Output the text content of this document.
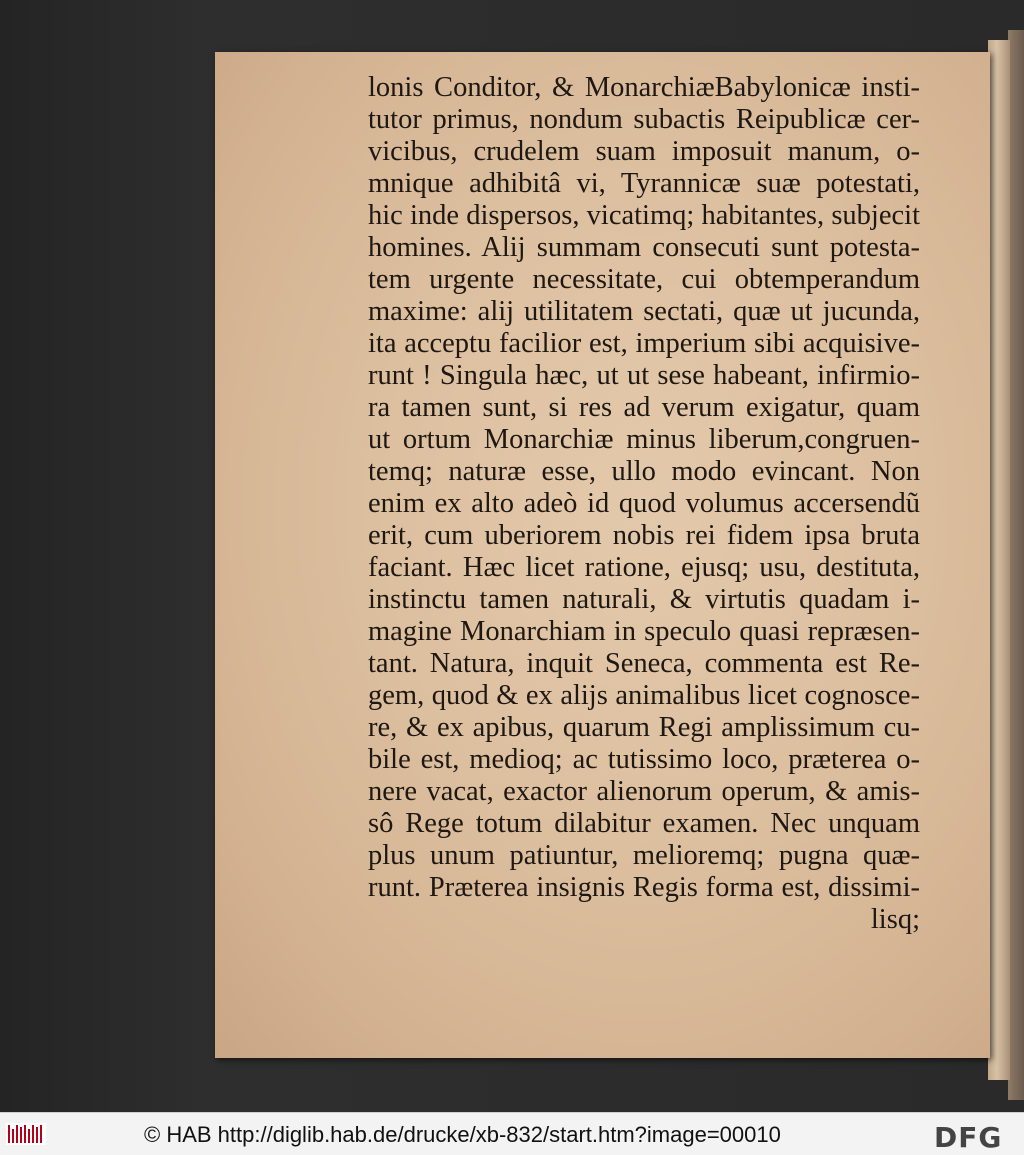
lonis Conditor, & MonarchiæBabylonicæ insti-
tutor primus, nondum subactis Reipublicæ cer-
vicibus, crudelem suam imposuit manum, o-
mnique adhibitâ vi, Tyrannicæ suæ potestati,
hic inde dispersos, vicatimq; habitantes, subjecit
homines. Alij summam consecuti sunt potesta-
tem urgente necessitate, cui obtemperandum
maxime: alij utilitatem sectati, quæ ut jucunda,
ita acceptu facilior est, imperium sibi acquisive-
runt ! Singula hæc, ut ut sese habeant, infirmio-
ra tamen sunt, si res ad verum exigatur, quam
ut ortum Monarchiæ minus liberum,congruen-
temq; naturæ esse, ullo modo evincant. Non
enim ex alto adeò id quod volumus accersendũ
erit, cum uberiorem nobis rei fidem ipsa bruta
faciant. Hæc licet ratione, ejusq; usu, destituta,
instinctu tamen naturali, & virtutis quadam i-
magine Monarchiam in speculo quasi repræsen-
tant. Natura, inquit Seneca, commenta est Re-
gem, quod & ex alijs animalibus licet cognosce-
re, & ex apibus, quarum Regi amplissimum cu-
bile est, medioq; ac tutissimo loco, præterea o-
nere vacat, exactor alienorum operum, & amis-
sô Rege totum dilabitur examen. Nec unquam
plus unum patiuntur, melioremq; pugna quæ-
runt. Præterea insignis Regis forma est, dissimi-
lisq;
© HAB http://diglib.hab.de/drucke/xb-832/start.htm?image=00010	DFG
